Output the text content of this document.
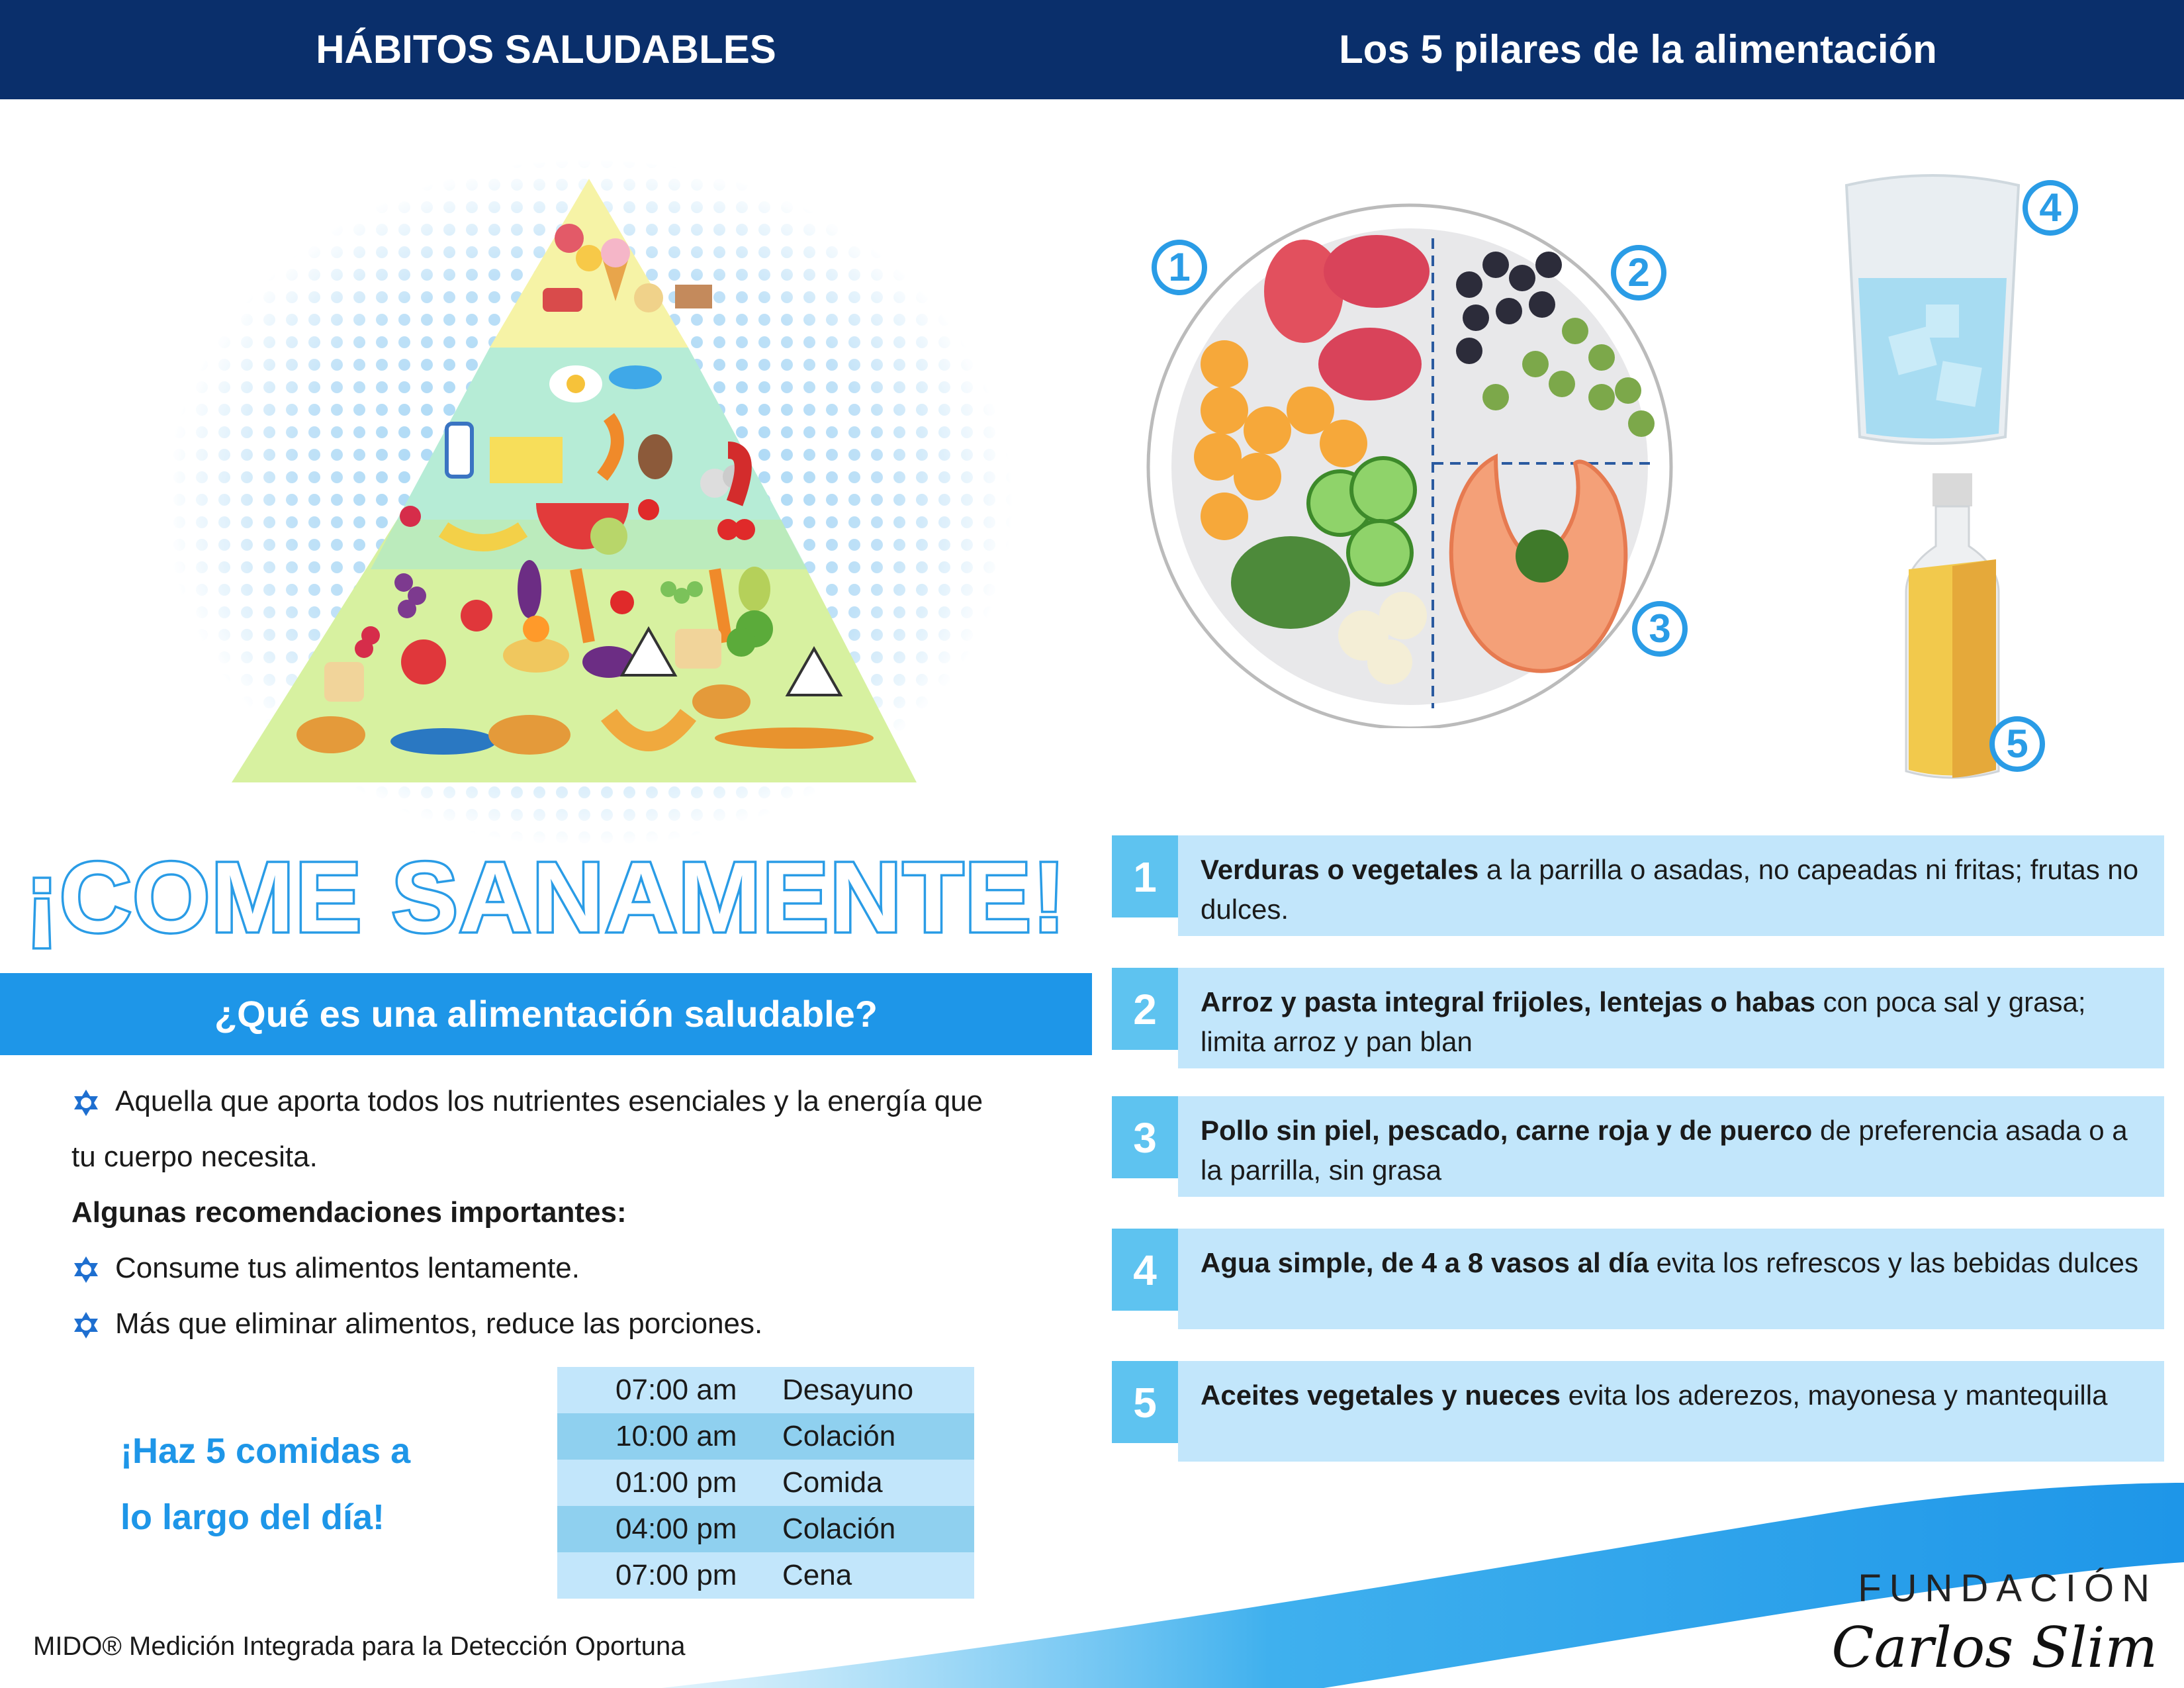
HÁBITOS SALUDABLES	Los 5 pilares de la alimentación
¡COME SANAMENTE!
¿Qué es una alimentación saludable?
Aquella que aporta todos los nutrientes esenciales y la energía que
tu cuerpo necesita.
Algunas recomendaciones importantes:
Consume tus alimentos lentamente.
Más que eliminar alimentos, reduce las porciones.
¡Haz 5 comidas a
lo largo del día!
07:00 am Desayuno
10:00 am Colación
01:00 pm Comida
04:00 pm Colación
07:00 pm Cena
1	2
3
4
5
1	Verduras o vegetales a la parrilla o asadas, no capeadas ni fritas; frutas no dulces.
2	Arroz y pasta integral frijoles, lentejas o habas con poca sal y grasa; limita arroz y pan blan
3	Pollo sin piel, pescado, carne roja y de puerco de preferencia asada o a la parrilla, sin grasa
4	Agua simple, de 4 a 8 vasos al día evita los refrescos y las bebidas dulces
5	Aceites vegetales y nueces evita los aderezos, mayonesa y mantequilla
MIDO® Medición Integrada para la Detección Oportuna
FUNDACIÓN
Carlos Slim
